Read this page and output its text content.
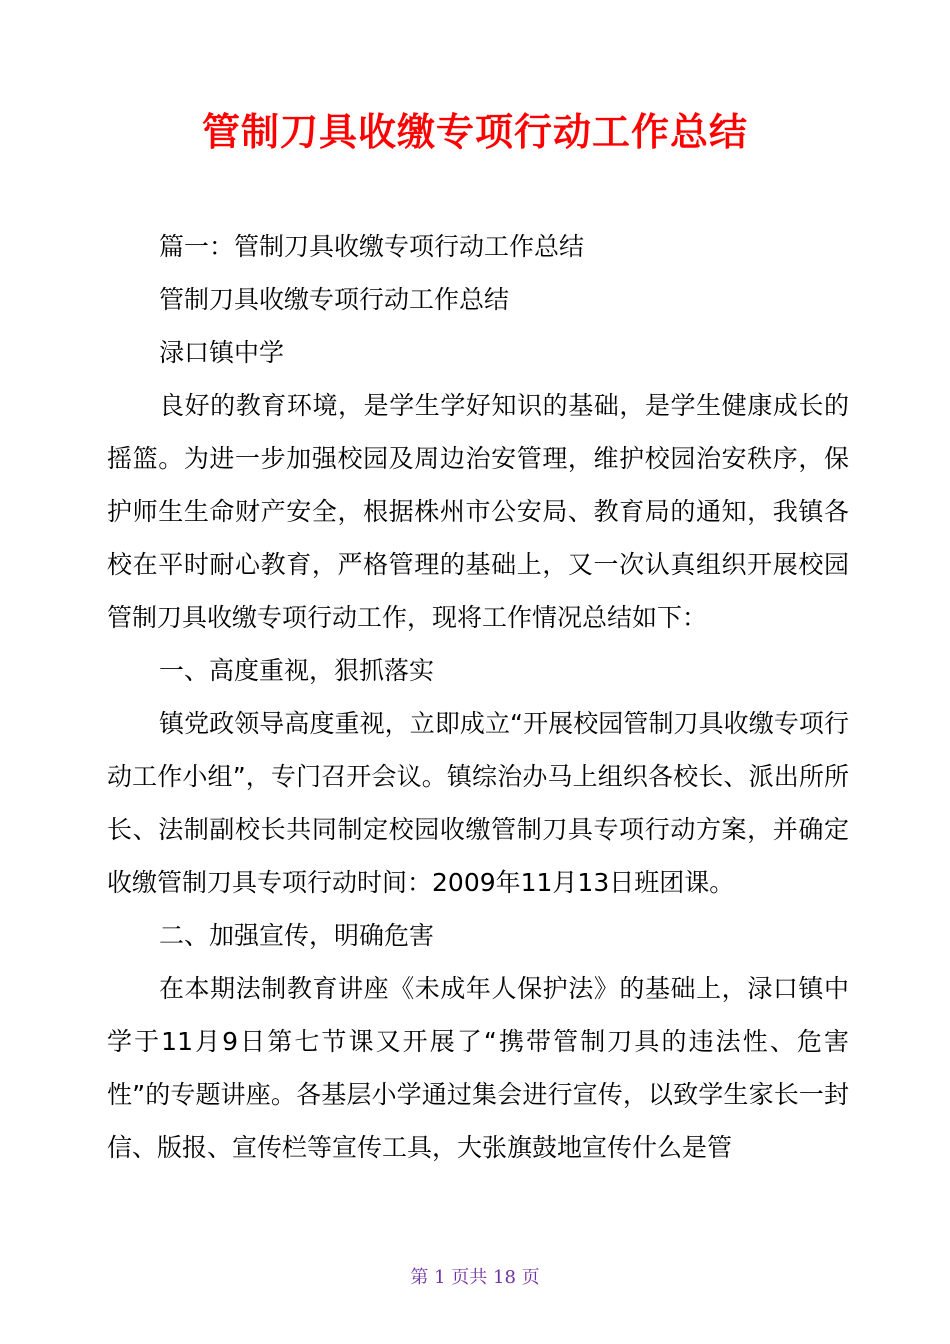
管制刀具收缴专项行动工作总结

篇一：管制刀具收缴专项行动工作总结

管制刀具收缴专项行动工作总结

渌口镇中学

良好的教育环境，是学生学好知识的基础，是学生健康成长的摇篮。为进一步加强校园及周边治安管理，维护校园治安秩序，保护师生生命财产安全，根据株州市公安局、教育局的通知，我镇各校在平时耐心教育，严格管理的基础上，又一次认真组织开展校园管制刀具收缴专项行动工作，现将工作情况总结如下：

一、高度重视，狠抓落实

镇党政领导高度重视，立即成立“开展校园管制刀具收缴专项行动工作小组”，专门召开会议。镇综治办马上组织各校长、派出所所长、法制副校长共同制定校园收缴管制刀具专项行动方案，并确定收缴管制刀具专项行动时间：2009年11月13日班团课。

二、加强宣传，明确危害

在本期法制教育讲座《未成年人保护法》的基础上，渌口镇中学于11月9日第七节课又开展了“携带管制刀具的违法性、危害性”的专题讲座。各基层小学通过集会进行宣传，以致学生家长一封信、版报、宣传栏等宣传工具，大张旗鼓地宣传什么是管

第 1 页共 18 页
